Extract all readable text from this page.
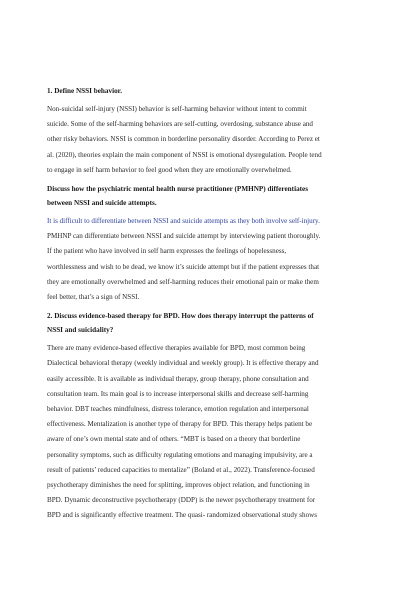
1. Define NSSI behavior.

Non-suicidal self-injury (NSSI) behavior is self-harming behavior without intent to commit
suicide. Some of the self-harming behaviors are self-cutting, overdosing, substance abuse and
other risky behaviors. NSSI is common in borderline personality disorder. According to Perez et
al. (2020), theories explain the main component of NSSI is emotional dysregulation. People tend
to engage in self harm behavior to feel good when they are emotionally overwhelmed.

Discuss how the psychiatric mental health nurse practitioner (PMHNP) differentiates
between NSSI and suicide attempts.

It is difficult to differentiate between NSSI and suicide attempts as they both involve self-injury.
PMHNP can differentiate between NSSI and suicide attempt by interviewing patient thoroughly.
If the patient who have involved in self harm expresses the feelings of hopelessness,
worthlessness and wish to be dead, we know it’s suicide attempt but if the patient expresses that
they are emotionally overwhelmed and self-harming reduces their emotional pain or make them
feel better, that’s a sign of NSSI.

2. Discuss evidence-based therapy for BPD. How does therapy interrupt the patterns of
NSSI and suicidality?

There are many evidence-based effective therapies available for BPD, most common being
Dialectical behavioral therapy (weekly individual and weekly group). It is effective therapy and
easily accessible. It is available as individual therapy, group therapy, phone consultation and
consultation team. Its main goal is to increase interpersonal skills and decrease self-harming
behavior. DBT teaches mindfulness, distress tolerance, emotion regulation and interpersonal
effectiveness. Mentalization is another type of therapy for BPD. This therapy helps patient be
aware of one’s own mental state and of others. “MBT is based on a theory that borderline
personality symptoms, such as difficulty regulating emotions and managing impulsivity, are a
result of patients’ reduced capacities to mentalize” (Boland et al., 2022). Transference-focused
psychotherapy diminishes the need for splitting, improves object relation, and functioning in
BPD. Dynamic deconstructive psychotherapy (DDP) is the newer psychotherapy treatment for
BPD and is significantly effective treatment. The quasi- randomized observational study shows
